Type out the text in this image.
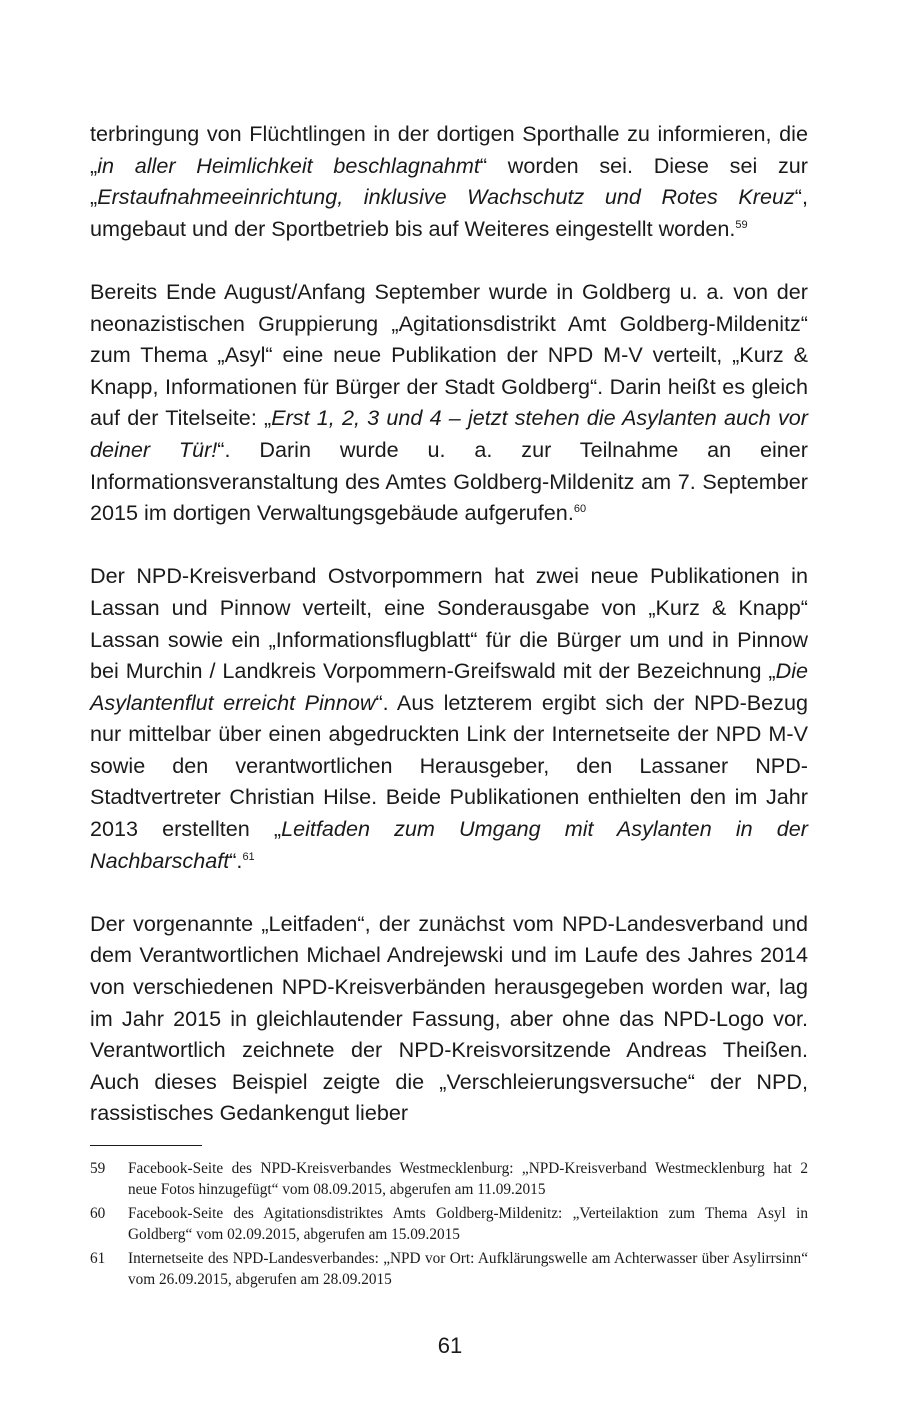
terbringung von Flüchtlingen in der dortigen Sporthalle zu informieren, die „in aller Heimlichkeit beschlagnahmt“ worden sei. Diese sei zur „Erstaufnahmeeinrichtung, inklusive Wachschutz und Rotes Kreuz“, umgebaut und der Sportbetrieb bis auf Weiteres eingestellt worden.$^{59}$

Bereits Ende August/Anfang September wurde in Goldberg u. a. von der neonazistischen Gruppierung „Agitationsdistrikt Amt Goldberg-Mildenitz“ zum Thema „Asyl“ eine neue Publikation der NPD M-V verteilt, „Kurz & Knapp, Informationen für Bürger der Stadt Goldberg“. Darin heißt es gleich auf der Titelseite: „Erst 1, 2, 3 und 4 – jetzt stehen die Asylanten auch vor deiner Tür!“. Darin wurde u. a. zur Teilnahme an einer Informationsveranstaltung des Amtes Goldberg-Mildenitz am 7. September 2015 im dortigen Verwaltungsgebäude aufgerufen.$^{60}$

Der NPD-Kreisverband Ostvorpommern hat zwei neue Publikationen in Lassan und Pinnow verteilt, eine Sonderausgabe von „Kurz & Knapp“ Lassan sowie ein „Informationsflugblatt“ für die Bürger um und in Pinnow bei Murchin / Landkreis Vorpommern-Greifswald mit der Bezeichnung „Die Asylantenflut erreicht Pinnow“. Aus letzterem ergibt sich der NPD-Bezug nur mittelbar über einen abgedruckten Link der Internetseite der NPD M-V sowie den verantwortlichen Herausgeber, den Lassaner NPD-Stadtvertreter Christian Hilse. Beide Publikationen enthielten den im Jahr 2013 erstellten „Leitfaden zum Umgang mit Asylanten in der Nachbarschaft“.$^{61}$

Der vorgenannte „Leitfaden“, der zunächst vom NPD-Landesverband und dem Verantwortlichen Michael Andrejewski und im Laufe des Jahres 2014 von verschiedenen NPD-Kreisverbänden herausgegeben worden war, lag im Jahr 2015 in gleichlautender Fassung, aber ohne das NPD-Logo vor. Verantwortlich zeichnete der NPD-Kreisvorsitzende Andreas Theißen. Auch dieses Beispiel zeigte die „Verschleierungsversuche“ der NPD, rassistisches Gedankengut lieber

59	Facebook-Seite des NPD-Kreisverbandes Westmecklenburg: „NPD-Kreisverband Westmecklenburg hat 2 neue Fotos hinzugefügt“ vom 08.09.2015, abgerufen am 11.09.2015
60	Facebook-Seite des Agitationsdistriktes Amts Goldberg-Mildenitz: „Verteilaktion zum Thema Asyl in Goldberg“ vom 02.09.2015, abgerufen am 15.09.2015
61	Internetseite des NPD-Landesverbandes: „NPD vor Ort: Aufklärungswelle am Achterwasser über Asylirrsinn“ vom 26.09.2015, abgerufen am 28.09.2015
61
